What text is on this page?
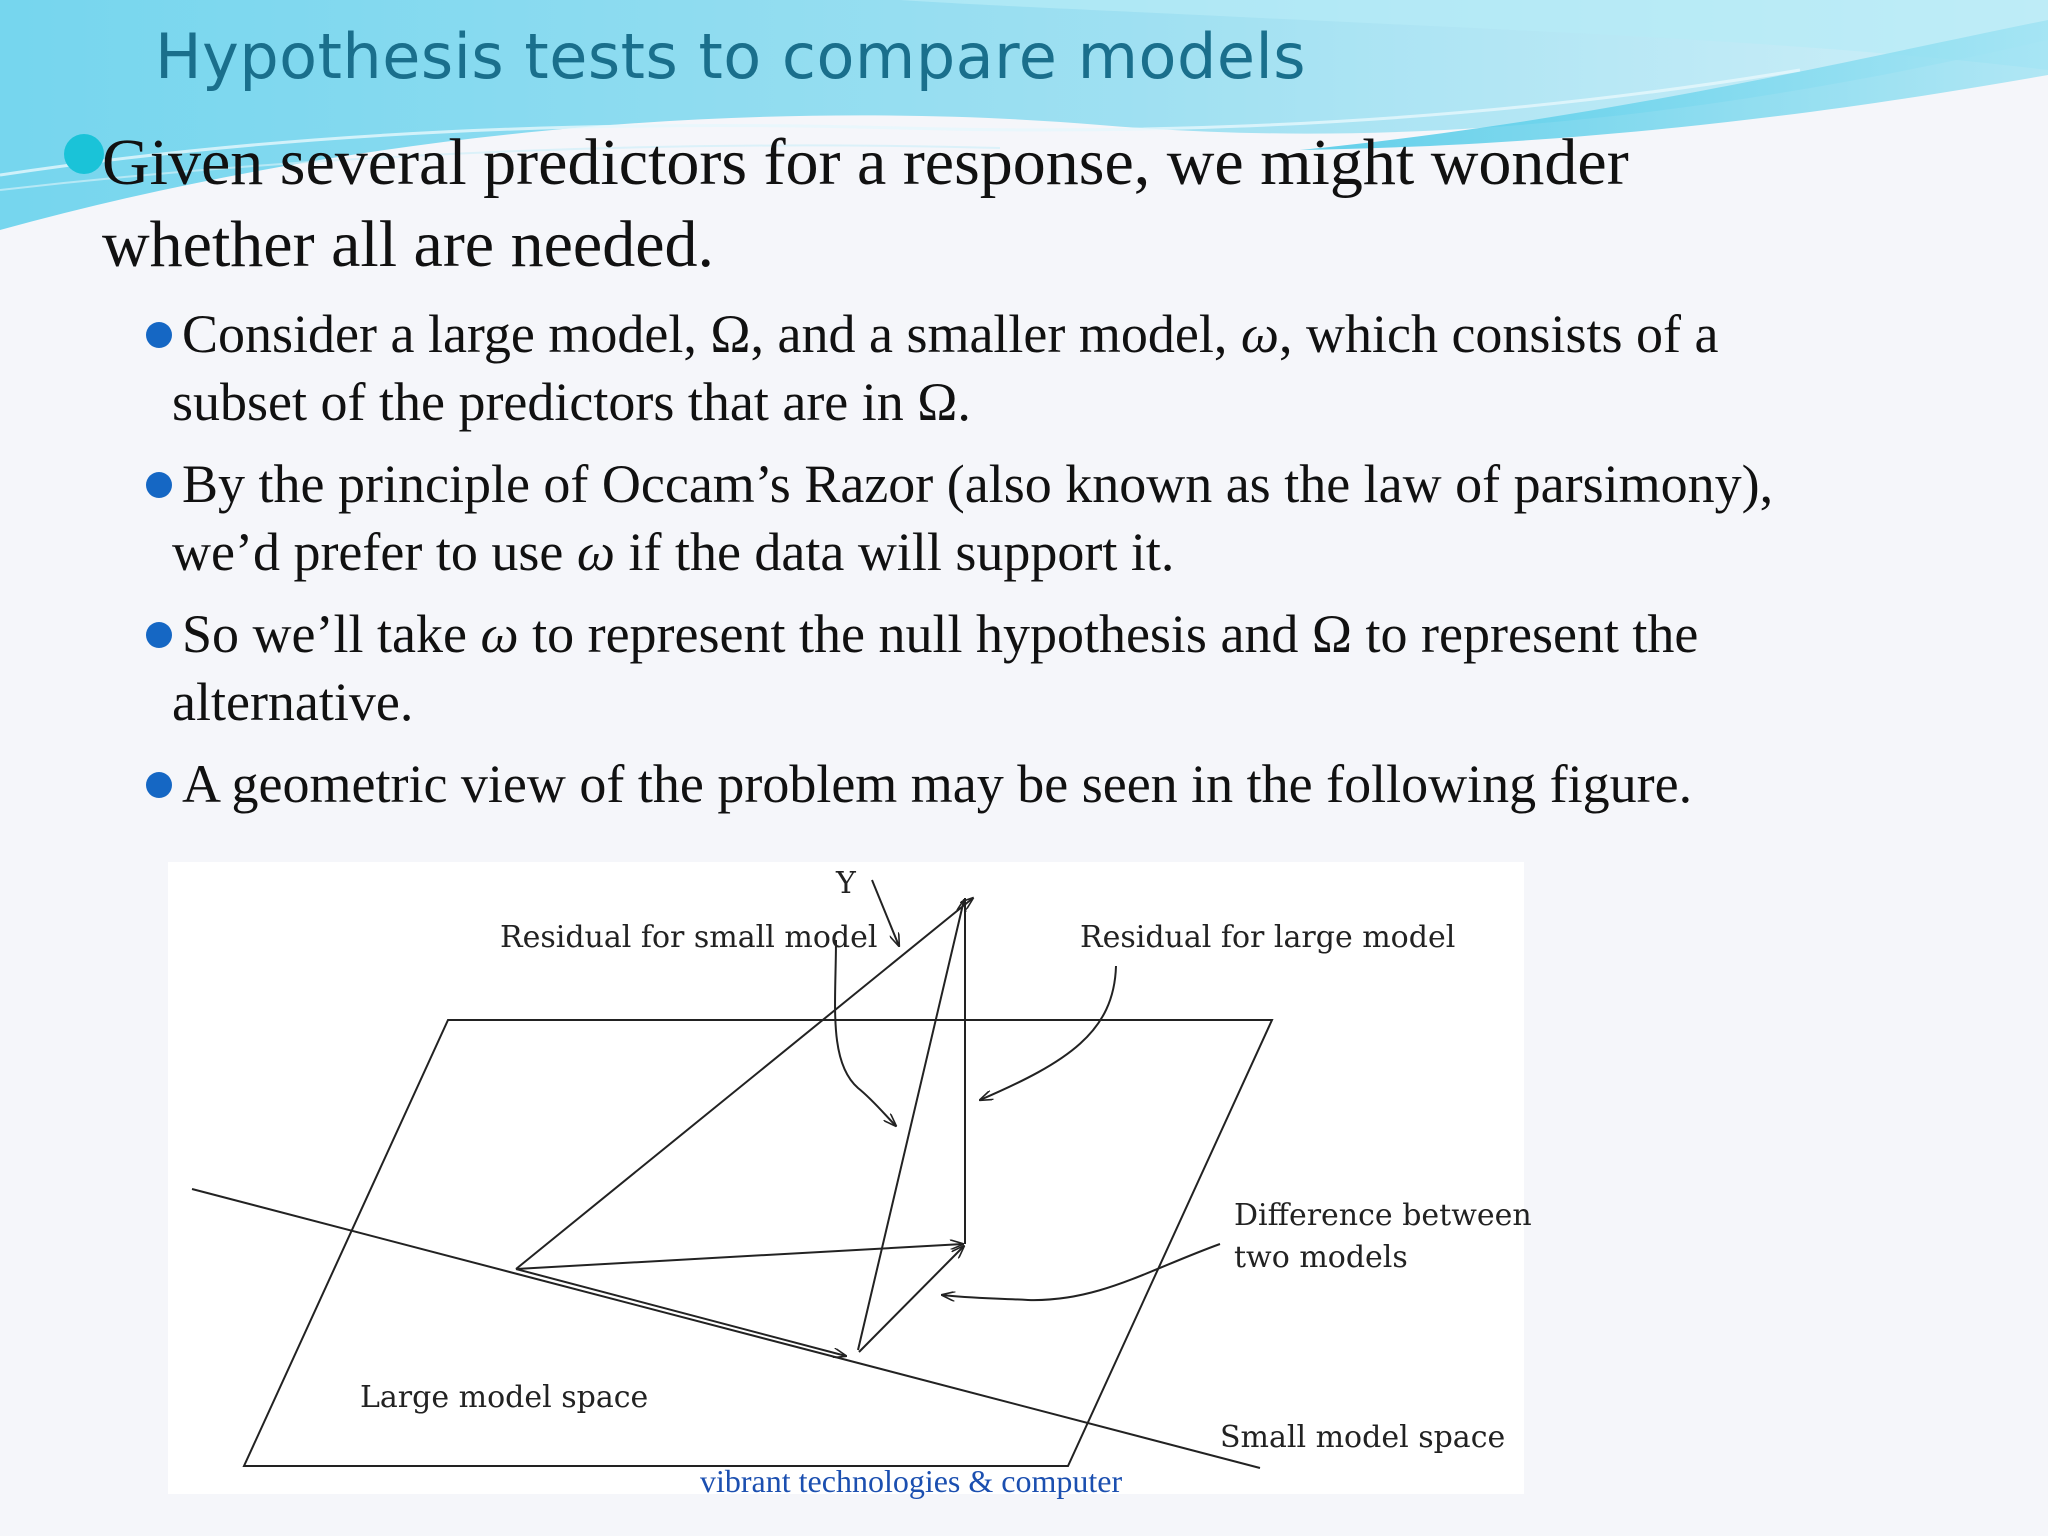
Hypothesis tests to compare models
Given several predictors for a response, we might wonder
whether all are needed.
Consider a large model, Ω, and a smaller model, ω, which consists of a
subset of the predictors that are in Ω.
By the principle of Occam’s Razor (also known as the law of parsimony),
we’d prefer to use ω if the data will support it.
So we’ll take ω to represent the null hypothesis and Ω to represent the
alternative.
A geometric view of the problem may be seen in the following figure.
Y
Residual for small model	Residual for large model
Difference between
two models
Large model space
Small model space
vibrant technologies & computer
